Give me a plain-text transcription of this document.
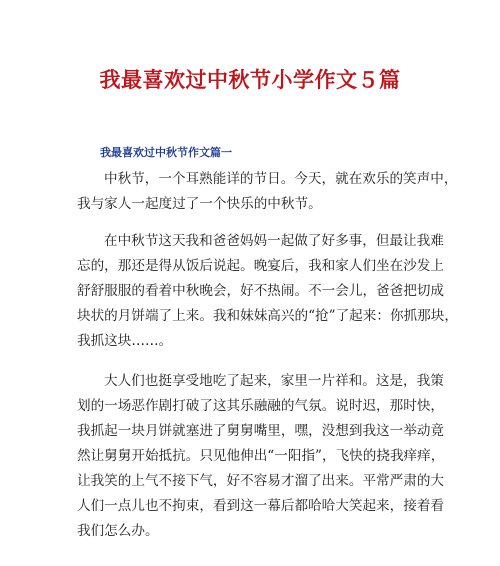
我最喜欢过中秋节小学作文５篇
我最喜欢过中秋节作文篇一
中秋节，一个耳熟能详的节日。今天，就在欢乐的笑声中，
我与家人一起度过了一个快乐的中秋节。
在中秋节这天我和爸爸妈妈一起做了好多事，但最让我难
忘的，那还是得从饭后说起。晚宴后，我和家人们坐在沙发上
舒舒服服的看着中秋晚会，好不热闹。不一会儿，爸爸把切成
块状的月饼端了上来。我和妹妹高兴的“抢”了起来：你抓那块，
我抓这块……。
大人们也挺享受地吃了起来，家里一片祥和。这是，我策
划的一场恶作剧打破了这其乐融融的气氛。说时迟，那时快，
我抓起一块月饼就塞进了舅舅嘴里，嘿，没想到我这一举动竟
然让舅舅开始抵抗。只见他伸出“一阳指”，飞快的挠我痒痒，
让我笑的上气不接下气，好不容易才溜了出来。平常严肃的大
人们一点儿也不拘束，看到这一幕后都哈哈大笑起来，接着看
我们怎么办。
